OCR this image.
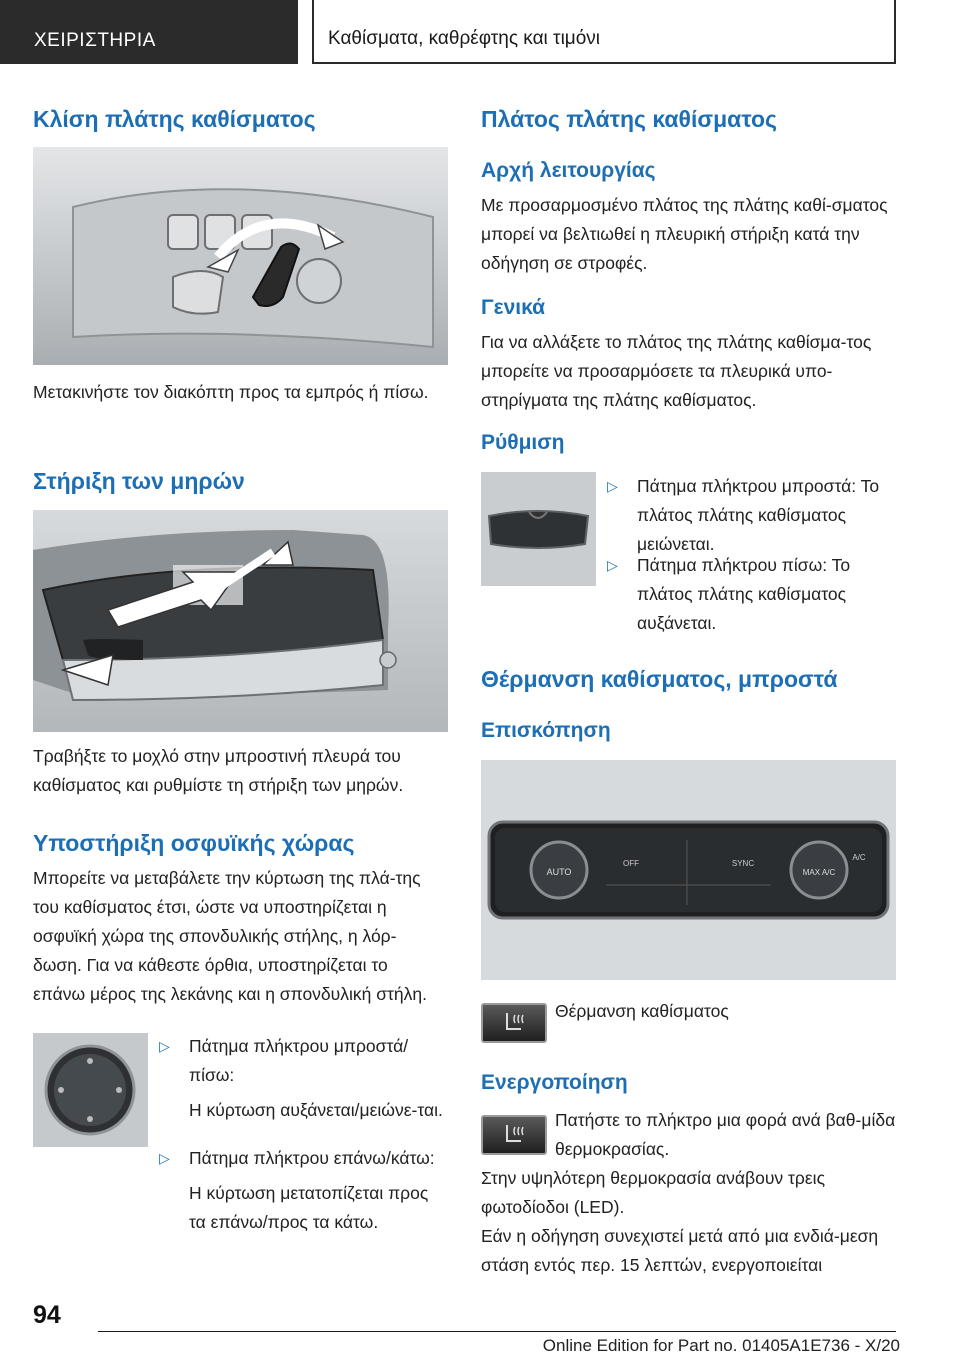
ΧΕΙΡΙΣΤΗΡΙΑ	Καθίσματα, καθρέφτης και τιμόνι
Κλίση πλάτης καθίσματος

Μετακινήστε τον διακόπτη προς τα εμπρός ή πίσω.

Στήριξη των μηρών

Τραβήξτε το μοχλό στην μπροστινή πλευρά του καθίσματος και ρυθμίστε τη στήριξη των μηρών.

Υποστήριξη οσφυϊκής χώρας

Μπορείτε να μεταβάλετε την κύρτωση της πλά-της του καθίσματος έτσι, ώστε να υποστηρίζεται η οσφυϊκή χώρα της σπονδυλικής στήλης, η λόρ-δωση. Για να κάθεστε όρθια, υποστηρίζεται το επάνω μέρος της λεκάνης και η σπονδυλική στήλη.

▷	Πάτημα πλήκτρου μπροστά/πίσω:
Η κύρτωση αυξάνεται/μειώνε-ται.
▷	Πάτημα πλήκτρου επάνω/κάτω:
Η κύρτωση μετατοπίζεται προς τα επάνω/προς τα κάτω.
Πλάτος πλάτης καθίσματος
Αρχή λειτουργίας

Με προσαρμοσμένο πλάτος της πλάτης καθί-σματος μπορεί να βελτιωθεί η πλευρική στήριξη κατά την οδήγηση σε στροφές.

Γενικά

Για να αλλάξετε το πλάτος της πλάτης καθίσμα-τος μπορείτε να προσαρμόσετε τα πλευρικά υπο-στηρίγματα της πλάτης καθίσματος.

Ρύθμιση
▷	Πάτημα πλήκτρου μπροστά: Το πλάτος πλάτης καθίσματος μειώνεται.
▷	Πάτημα πλήκτρου πίσω: Το πλάτος πλάτης καθίσματος αυξάνεται.
Θέρμανση καθίσματος, μπροστά
Επισκόπηση
AUTO
OFF	SYNC
A/C
MAX A/C

Θέρμανση καθίσματος

Ενεργοποίηση

Πατήστε το πλήκτρο μια φορά ανά βαθ-μίδα θερμοκρασίας.

Στην υψηλότερη θερμοκρασία ανάβουν τρεις φωτοδίοδοι (LED).

Εάν η οδήγηση συνεχιστεί μετά από μια ενδιά-μεση στάση εντός περ. 15 λεπτών, ενεργοποιείται

94
Online Edition for Part no. 01405A1E736 - X/20
